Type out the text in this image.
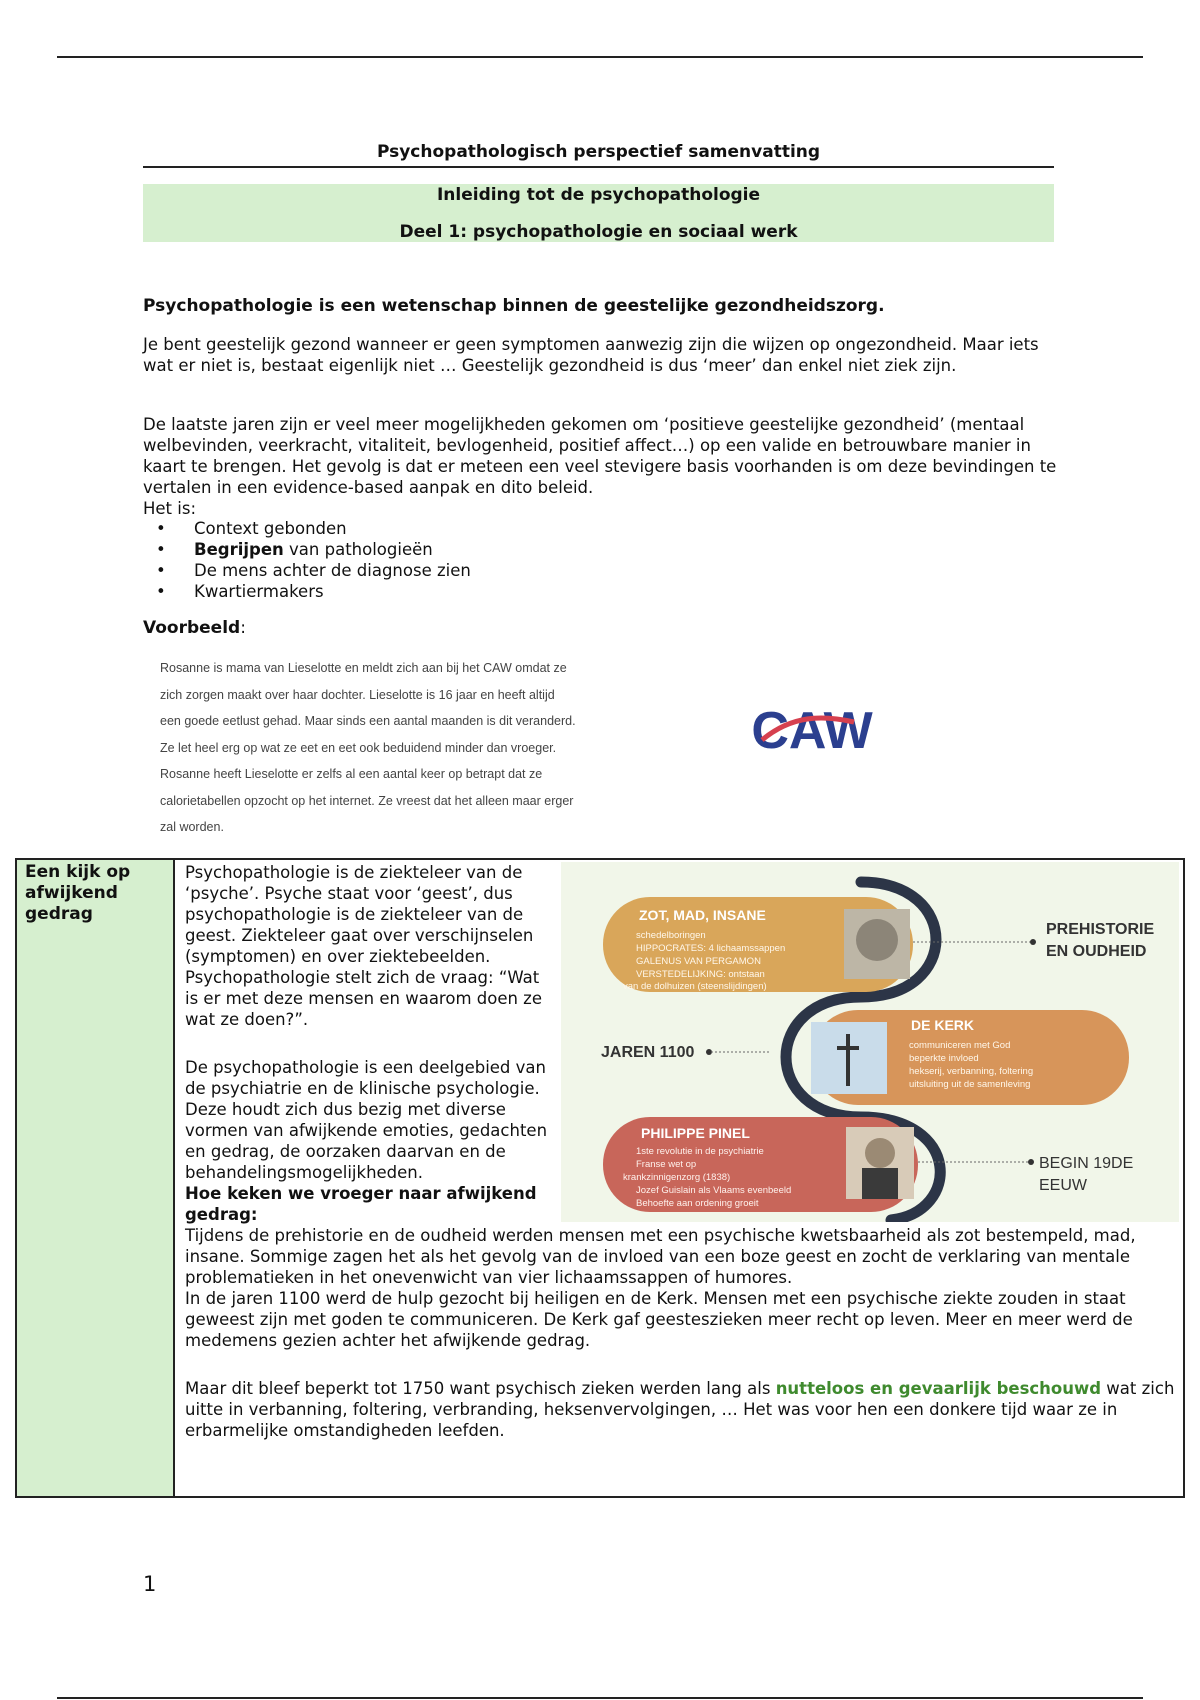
Psychopathologisch perspectief samenvatting
Inleiding tot de psychopathologie
Deel 1: psychopathologie en sociaal werk
Psychopathologie is een wetenschap binnen de geestelijke gezondheidszorg.
Je bent geestelijk gezond wanneer er geen symptomen aanwezig zijn die wijzen op ongezondheid. Maar iets wat er niet is, bestaat eigenlijk niet … Geestelijk gezondheid is dus ‘meer’ dan enkel niet ziek zijn.
De laatste jaren zijn er veel meer mogelijkheden gekomen om ‘positieve geestelijke gezondheid’ (mentaal welbevinden, veerkracht, vitaliteit, bevlogenheid, positief affect…) op een valide en betrouwbare manier in kaart te brengen. Het gevolg is dat er meteen een veel stevigere basis voorhanden is om deze bevindingen te vertalen in een evidence-based aanpak en dito beleid.
Het is:
• Context gebonden
• Begrijpen van pathologieën
• De mens achter de diagnose zien
• Kwartiermakers
Voorbeeld:
Rosanne is mama van Lieselotte en meldt zich aan bij het CAW omdat ze
zich zorgen maakt over haar dochter. Lieselotte is 16 jaar en heeft altijd
een goede eetlust gehad. Maar sinds een aantal maanden is dit veranderd.
Ze let heel erg op wat ze eet en eet ook beduidend minder dan vroeger.
Rosanne heeft Lieselotte er zelfs al een aantal keer op betrapt dat ze
calorietabellen opzocht op het internet. Ze vreest dat het alleen maar erger
zal worden.
CAW
Een kijk op afwijkend gedrag	ZOT, MAD, INSANE
schedelboringen
HIPPOCRATES: 4 lichaamssappen
GALENUS VAN PERGAMON
VERSTEDELIJKING: ontstaan
van de dolhuizen (steenslijdingen)
PREHISTORIE
EN OUDHEID
DE KERK
communiceren met God
beperkte invloed
hekserij, verbanning, foltering
uitsluiting uit de samenleving
JAREN 1100
PHILIPPE PINEL
1ste revolutie in de psychiatrie
Franse wet op
krankzinnigenzorg (1838)
Jozef Guislain als Vlaams evenbeeld
Behoefte aan ordening groeit
BEGIN 19DE
EEUW
Psychopathologie is de ziekteleer van de ‘psyche’. Psyche staat voor ‘geest’, dus psychopathologie is de ziekteleer van de geest. Ziekteleer gaat over verschijnselen (symptomen) en over ziektebeelden.
Psychopathologie stelt zich de vraag: “Wat is er met deze mensen en waarom doen ze wat ze doen?”.
De psychopathologie is een deelgebied van de psychiatrie en de klinische psychologie. Deze houdt zich dus bezig met diverse vormen van afwijkende emoties, gedachten en gedrag, de oorzaken daarvan en de behandelingsmogelijkheden.
Hoe keken we vroeger naar afwijkend gedrag:
Tijdens de prehistorie en de oudheid werden mensen met een psychische kwetsbaarheid als zot bestempeld, mad, insane. Sommige zagen het als het gevolg van de invloed van een boze geest en zocht de verklaring van mentale problematieken in het onevenwicht van vier lichaamssappen of humores.
In de jaren 1100 werd de hulp gezocht bij heiligen en de Kerk. Mensen met een psychische ziekte zouden in staat geweest zijn met goden te communiceren. De Kerk gaf geesteszieken meer recht op leven. Meer en meer werd de medemens gezien achter het afwijkende gedrag.
Maar dit bleef beperkt tot 1750 want psychisch zieken werden lang als nutteloos en gevaarlijk beschouwd wat zich uitte in verbanning, foltering, verbranding, heksenvervolgingen, … Het was voor hen een donkere tijd waar ze in erbarmelijke omstandigheden leefden.
1
